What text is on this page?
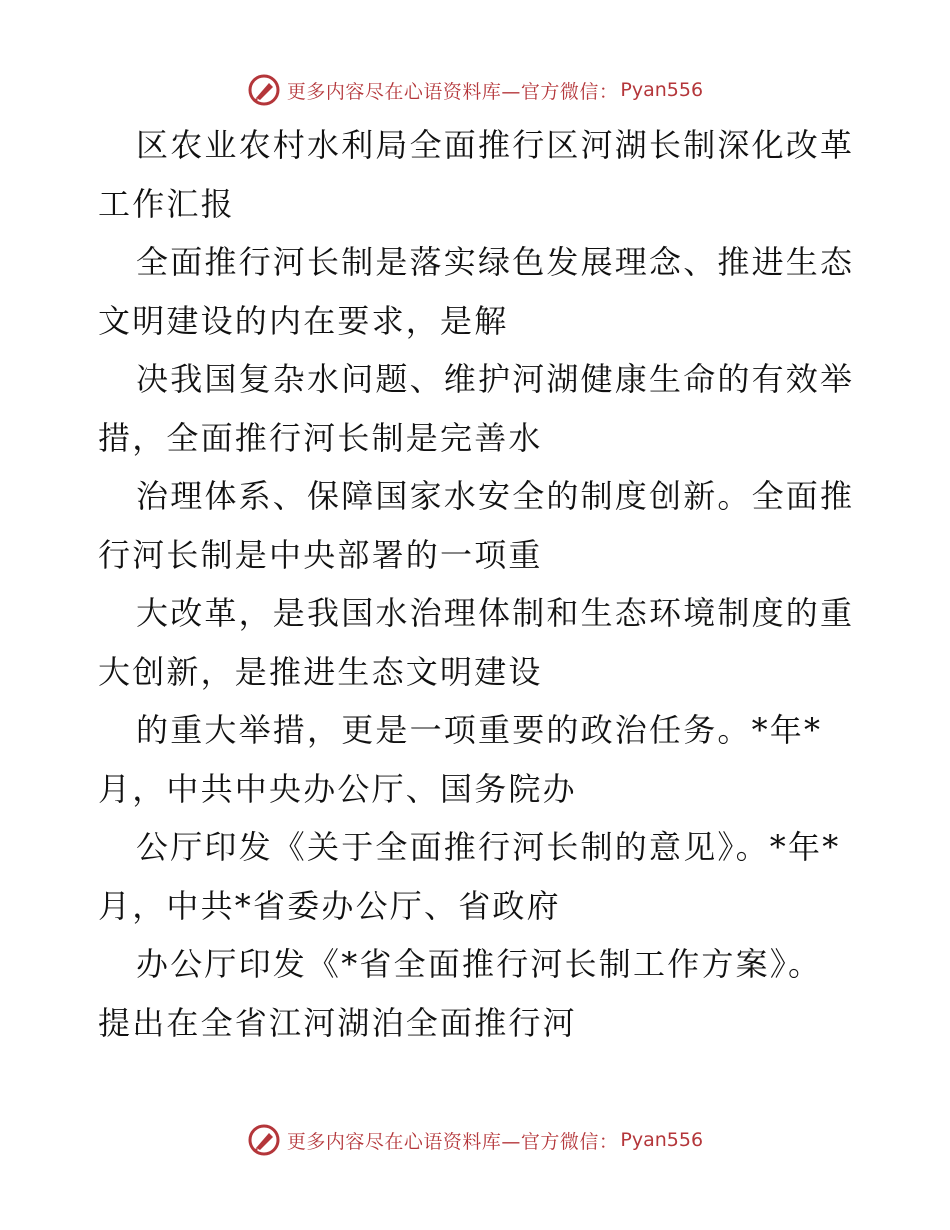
更多内容尽在心语资料库—官方微信： Pyan556

区农业农村水利局全面推行区河湖长制深化改革

工作汇报

全面推行河长制是落实绿色发展理念、推进生态

文明建设的内在要求，是解

决我国复杂水问题、维护河湖健康生命的有效举

措，全面推行河长制是完善水

治理体系、保障国家水安全的制度创新。全面推

行河长制是中央部署的一项重

大改革，是我国水治理体制和生态环境制度的重

大创新，是推进生态文明建设

的重大举措，更是一项重要的政治任务。*年*

月，中共中央办公厅、国务院办

公厅印发《关于全面推行河长制的意见》。*年*

月，中共*省委办公厅、省政府

办公厅印发《*省全面推行河长制工作方案》。

提出在全省江河湖泊全面推行河

更多内容尽在心语资料库—官方微信： Pyan556
